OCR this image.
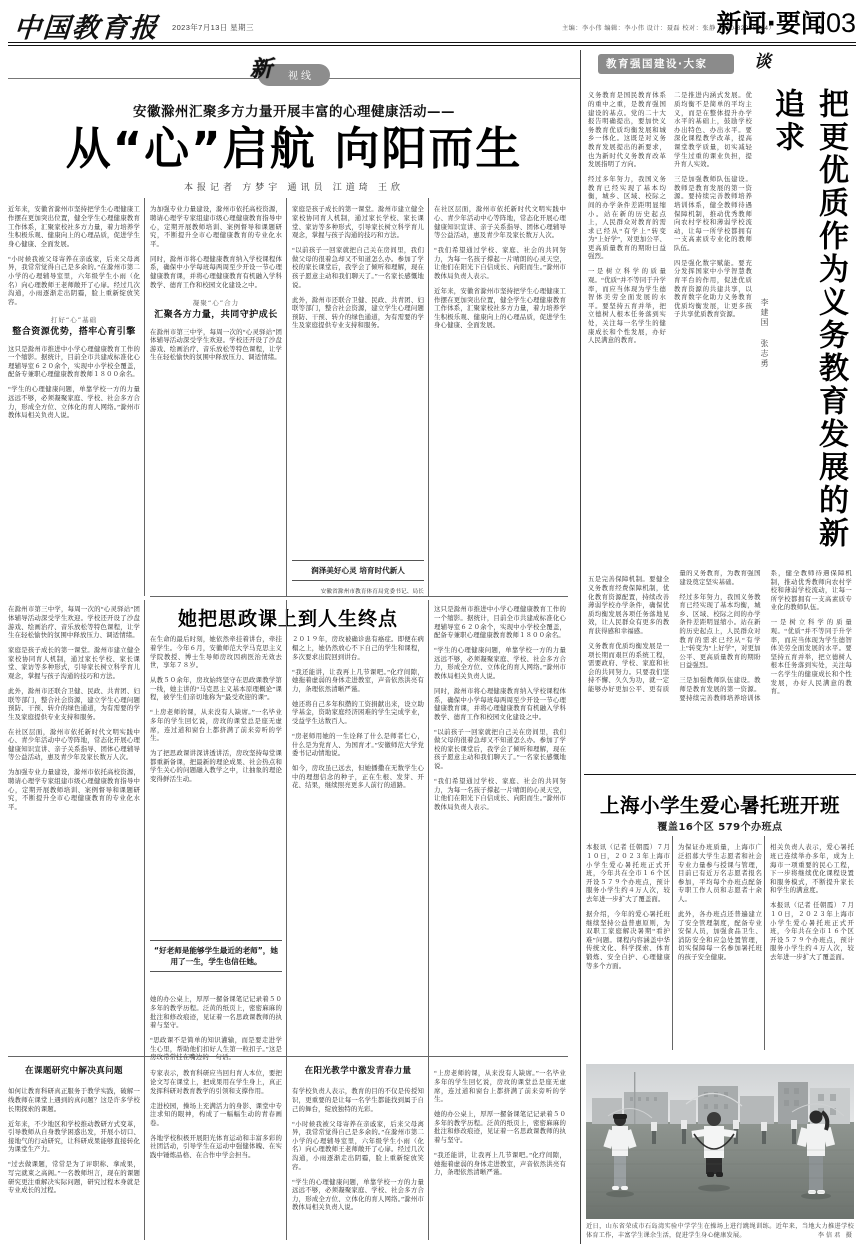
中国教育报 2023年7月13日 星期三	主编：李小伟 编辑：李小伟 设计：聂磊 校对：张静（010-82296594）
新闻·要闻03
视线
新
安徽滁州汇聚多方力量开展丰富的心理健康活动——
从“心”启航 向阳而生
本报记者 方梦宇 通讯员 江道琦 王欣

近年来，安徽省滁州市坚持把学生心理健康工作摆在更加突出位置，健全学生心理健康教育工作体系，汇聚家校社多方力量，着力培养学生积极乐观、健康向上的心理品质，促进学生身心健康、全面发展。

“小时候我被父母寄养在亲戚家，后来父母离异，我常常觉得自己是多余的。”在滁州市第二小学的心理辅导室里，六年级学生小雨（化名）向心理教师王老师敞开了心扉。经过几次沟通，小雨逐渐走出阴霾，脸上重新绽放笑容。

打好“心”基础
整合资源优势，搭牢心育引擎

这只是滁州市推进中小学心理健康教育工作的一个缩影。据统计，目前全市共建成标准化心理辅导室６２０余个，实现中小学校全覆盖，配备专兼职心理健康教育教师１８００余名。

“学生的心理健康问题，单靠学校一方的力量远远不够，必须凝聚家庭、学校、社会多方合力，形成全方位、立体化的育人网络。”滁州市教体局相关负责人说。

为加强专业力量建设，滁州市依托高校资源，聘请心理学专家组建市级心理健康教育指导中心，定期开展教师培训、案例督导和课题研究，不断提升全市心理健康教育的专业化水平。

同时，滁州市将心理健康教育纳入学校课程体系，确保中小学每班每两周至少开设一节心理健康教育课，并将心理健康教育有机融入学科教学、德育工作和校园文化建设之中。

凝聚“心”合力
汇聚各方力量，共同守护成长

在滁州市第三中学，每周一次的“心灵驿站”团体辅导活动深受学生欢迎。学校还开设了沙盘游戏、绘画治疗、音乐放松等特色课程，让学生在轻松愉快的氛围中释放压力、调适情绪。

家庭是孩子成长的第一课堂。滁州市建立健全家校协同育人机制，通过家长学校、家长课堂、家访等多种形式，引导家长树立科学育儿观念，掌握与孩子沟通的技巧和方法。

“以前孩子一回家就把自己关在房间里，我们做父母的很着急却又不知道怎么办。参加了学校的家长课堂后，我学会了倾听和理解，现在孩子愿意主动和我们聊天了。”一名家长感慨地说。

此外，滁州市还联合卫健、民政、共青团、妇联等部门，整合社会资源，建立学生心理问题预防、干预、转介的绿色通道，为有需要的学生及家庭提供专业支持和服务。

润泽美好心灵 培育时代新人
安徽省滁州市教育体育局党委书记、局长

在社区层面，滁州市依托新时代文明实践中心、青少年活动中心等阵地，常态化开展心理健康知识宣讲、亲子关系指导、团体心理辅导等公益活动，惠及青少年及家长数万人次。

“我们希望通过学校、家庭、社会的共同努力，为每一名孩子撑起一片晴朗的心灵天空，让他们在阳光下自信成长、向阳而生。”滁州市教体局负责人表示。

近年来，安徽省滁州市坚持把学生心理健康工作摆在更加突出位置，健全学生心理健康教育工作体系，汇聚家校社多方力量，着力培养学生积极乐观、健康向上的心理品质，促进学生身心健康、全面发展。

她把思政课上到人生终点

在生命的最后时刻，她依然牵挂着讲台，牵挂着学生。今年６月，安徽师范大学马克思主义学院教授、博士生导师房玫因病医治无效去世，享年７８岁。

从教５０余年，房玫始终坚守在思政课教学第一线，她主讲的“马克思主义基本原理概论”课程，被学生们亲切地称为“最受欢迎的课”。

“上房老师的课，从来没有人缺席。”一名毕业多年的学生回忆说，房玫的课堂总是座无虚席，连过道和窗台上都挤满了前来旁听的学生。

为了把思政课讲深讲透讲活，房玫坚持每堂课都重新备课，把最新的理论成果、社会热点和学生关心的问题融入教学之中，让抽象的理论变得鲜活生动。

“好老师是能够学生最近的老师”，她用了一生，学生也信任她。

她的办公桌上，厚厚一摞备课笔记记录着５０多年的教学历程。泛黄的纸页上，密密麻麻的批注和修改痕迹，见证着一名思政课教师的执着与坚守。

“思政课不是简单的知识灌输，而是要走进学生心里，帮助他们扣好人生第一粒扣子。”这是房玫常常挂在嘴边的一句话。

２０１９年，房玫被确诊患有癌症。即便在病榻之上，她仍然放心不下自己的学生和课程，多次要求出院回到讲台。

“我还能讲，让我再上几节课吧。”化疗间隙，她拖着虚弱的身体走进教室，声音依然洪亮有力，条理依然清晰严谨。

她还将自己多年积攒的工资捐献出来，设立助学基金，资助家庭经济困难的学生完成学业，受益学生达数百人。

“房老师用她的一生诠释了什么是师者仁心，什么是为党育人、为国育才。”安徽师范大学党委书记动情地说。

如今，房玫虽已远去，但她播撒在无数学生心中的理想信念的种子，正在生根、发芽、开花、结果，继续照亮更多人前行的道路。

这只是滁州市推进中小学心理健康教育工作的一个缩影。据统计，目前全市共建成标准化心理辅导室６２０余个，实现中小学校全覆盖，配备专兼职心理健康教育教师１８００余名。

“学生的心理健康问题，单靠学校一方的力量远远不够，必须凝聚家庭、学校、社会多方合力，形成全方位、立体化的育人网络。”滁州市教体局相关负责人说。

同时，滁州市将心理健康教育纳入学校课程体系，确保中小学每班每两周至少开设一节心理健康教育课，并将心理健康教育有机融入学科教学、德育工作和校园文化建设之中。

“以前孩子一回家就把自己关在房间里，我们做父母的很着急却又不知道怎么办。参加了学校的家长课堂后，我学会了倾听和理解，现在孩子愿意主动和我们聊天了。”一名家长感慨地说。

“我们希望通过学校、家庭、社会的共同努力，为每一名孩子撑起一片晴朗的心灵天空，让他们在阳光下自信成长、向阳而生。”滁州市教体局负责人表示。

在滁州市第三中学，每周一次的“心灵驿站”团体辅导活动深受学生欢迎。学校还开设了沙盘游戏、绘画治疗、音乐放松等特色课程，让学生在轻松愉快的氛围中释放压力、调适情绪。

家庭是孩子成长的第一课堂。滁州市建立健全家校协同育人机制，通过家长学校、家长课堂、家访等多种形式，引导家长树立科学育儿观念，掌握与孩子沟通的技巧和方法。

此外，滁州市还联合卫健、民政、共青团、妇联等部门，整合社会资源，建立学生心理问题预防、干预、转介的绿色通道，为有需要的学生及家庭提供专业支持和服务。

在社区层面，滁州市依托新时代文明实践中心、青少年活动中心等阵地，常态化开展心理健康知识宣讲、亲子关系指导、团体心理辅导等公益活动，惠及青少年及家长数万人次。

为加强专业力量建设，滁州市依托高校资源，聘请心理学专家组建市级心理健康教育指导中心，定期开展教师培训、案例督导和课题研究，不断提升全市心理健康教育的专业化水平。

在课题研究中解决真问题

如何让教育科研真正服务于教学实践，破解一线教师在课堂上遇到的真问题？这是许多学校长期探索的课题。

近年来，不少地区和学校推动教研方式变革，引导教师从自身教学困惑出发，开展小切口、接地气的行动研究，让科研成果能够直接转化为课堂生产力。

“过去做课题，常常是为了评职称、拿成果，写完就束之高阁。”一名教师坦言，现在的课题研究更注重解决实际问题，研究过程本身就是专业成长的过程。

专家表示，教育科研应当回归育人本位，要把论文写在课堂上，把成果用在学生身上，真正发挥科研对教育教学的引领和支撑作用。

走进校园，操场上充满活力的身影、课堂中专注求知的眼神，构成了一幅幅生动的青春画卷。

各地学校积极开展阳光体育运动和丰富多彩的社团活动，引导学生在运动中强健体魄、在实践中锤炼品格、在合作中学会担当。

在阳光教学中激发青春力量

有学校负责人表示，教育的目的不仅是传授知识，更重要的是让每一名学生都能找到属于自己的舞台，绽放独特的光彩。

“小时候我被父母寄养在亲戚家，后来父母离异，我常常觉得自己是多余的。”在滁州市第二小学的心理辅导室里，六年级学生小雨（化名）向心理教师王老师敞开了心扉。经过几次沟通，小雨逐渐走出阴霾，脸上重新绽放笑容。

“学生的心理健康问题，单靠学校一方的力量远远不够，必须凝聚家庭、学校、社会多方合力，形成全方位、立体化的育人网络。”滁州市教体局相关负责人说。

“上房老师的课，从来没有人缺席。”一名毕业多年的学生回忆说，房玫的课堂总是座无虚席，连过道和窗台上都挤满了前来旁听的学生。

她的办公桌上，厚厚一摞备课笔记记录着５０多年的教学历程。泛黄的纸页上，密密麻麻的批注和修改痕迹，见证着一名思政课教师的执着与坚守。

“我还能讲，让我再上几节课吧。”化疗间隙，她拖着虚弱的身体走进教室，声音依然洪亮有力，条理依然清晰严谨。

教育强国建设·大家	谈
把更优质作为义务教育发展的新追求
李建国 张志勇

义务教育是国民教育体系的重中之重，是教育强国建设的基点。党的二十大报告明确提出，要加快义务教育优质均衡发展和城乡一体化。这既是对义务教育发展提出的新要求，也为新时代义务教育改革发展指明了方向。

经过多年努力，我国义务教育已经实现了基本均衡，城乡、区域、校际之间的办学条件差距明显缩小。站在新的历史起点上，人民群众对教育的需求已经从“有学上”转变为“上好学”，对更加公平、更高质量教育的期盼日益强烈。

一是树立科学的质量观。“优质”并不等同于升学率，而应当体现为学生德智体美劳全面发展的水平。要坚持五育并举，把立德树人根本任务落到实处，关注每一名学生的健康成长和个性发展，办好人民满意的教育。

二是推进内涵式发展。优质均衡不是简单的平均主义，而是在整体提升办学水平的基础上，鼓励学校办出特色、办出水平。要深化课程教学改革，提高课堂教学质量，切实减轻学生过重的课业负担，提升育人实效。

三是加强教师队伍建设。教师是教育发展的第一资源。要持续完善教师培养培训体系，健全教师待遇保障机制，推动优秀教师向农村学校和薄弱学校流动，让每一所学校都拥有一支高素质专业化的教师队伍。

四是强化数字赋能。要充分发挥国家中小学智慧教育平台的作用，促进优质教育资源的共建共享，以教育数字化助力义务教育优质均衡发展，让更多孩子共享优质教育资源。

五是完善保障机制。要健全义务教育经费保障机制，优化教育资源配置，持续改善薄弱学校办学条件，确保优质均衡发展各项任务落地见效，让人民群众有更多的教育获得感和幸福感。

义务教育优质均衡发展是一项长期而艰巨的系统工程，需要政府、学校、家庭和社会的共同努力。只要我们坚持不懈、久久为功，就一定能够办好更加公平、更有质量的义务教育，为教育强国建设奠定坚实基础。

经过多年努力，我国义务教育已经实现了基本均衡，城乡、区域、校际之间的办学条件差距明显缩小。站在新的历史起点上，人民群众对教育的需求已经从“有学上”转变为“上好学”，对更加公平、更高质量教育的期盼日益强烈。

三是加强教师队伍建设。教师是教育发展的第一资源。要持续完善教师培养培训体系，健全教师待遇保障机制，推动优秀教师向农村学校和薄弱学校流动，让每一所学校都拥有一支高素质专业化的教师队伍。

一是树立科学的质量观。“优质”并不等同于升学率，而应当体现为学生德智体美劳全面发展的水平。要坚持五育并举，把立德树人根本任务落到实处，关注每一名学生的健康成长和个性发展，办好人民满意的教育。

上海小学生爱心暑托班开班
覆盖16个区 579个办班点

本报讯（记者 任朝霞）７月１０日，２０２３年上海市小学生爱心暑托班正式开班，今年共在全市１６个区开设５７９个办班点，预计服务小学生约４万人次，较去年进一步扩大了覆盖面。

据介绍，今年的爱心暑托班继续坚持公益普惠原则，为双职工家庭解决暑期“看护难”问题。课程内容涵盖中华传统文化、科学探索、体育锻炼、安全自护、心理健康等多个方面。

为保证办班质量，上海市广泛招募大学生志愿者和社会专业力量参与授课与管理，目前已有近万名志愿者报名参加，平均每个办班点配备专职工作人员和志愿者十余人。

此外，各办班点还普遍建立了安全管理制度，配备专业安保人员，加强食品卫生、消防安全和应急处置管理，切实保障每一名参加暑托班的孩子安全健康。

相关负责人表示，爱心暑托班已连续举办多年，成为上海市一项重要的民心工程，下一步将继续优化课程设置和服务模式，不断提升家长和学生的满意度。

本报讯（记者 任朝霞）７月１０日，２０２３年上海市小学生爱心暑托班正式开班，今年共在全市１６个区开设５７９个办班点，预计服务小学生约４万人次，较去年进一步扩大了覆盖面。

近日，山东省荣成市石岛湾实验中学学生在操场上进行跳绳训练。近年来，当地大力推进学校体育工作，丰富学生课余生活，促进学生身心健康发展。	李信君 摄
